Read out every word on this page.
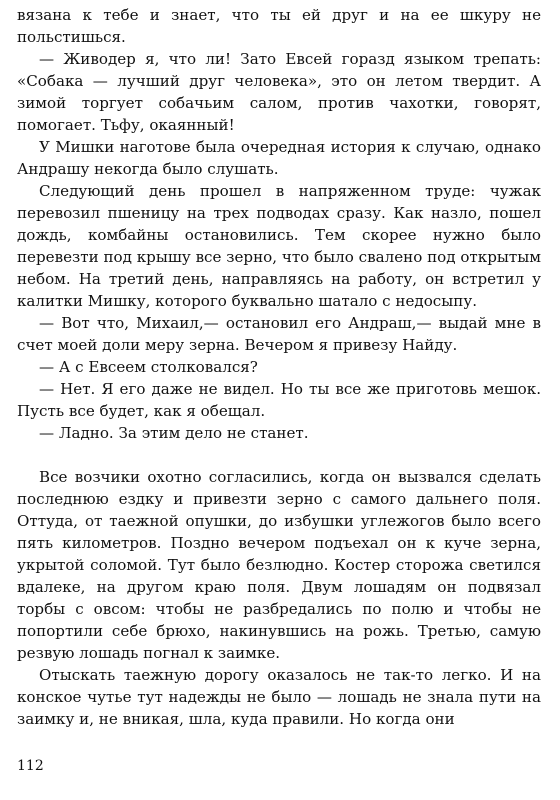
вязана к тебе и знает, что ты ей друг и на ее шкуру не польстишься.

— Живодер я, что ли! Зато Евсей горазд языком трепать: «Собака — лучший друг человека», это он летом твердит. А зимой торгует собачьим салом, против чахотки, говорят, помогает. Тьфу, окаянный!

У Мишки наготове была очередная история к случаю, однако Андрашу некогда было слушать.

Следующий день прошел в напряженном труде: чужак перевозил пшеницу на трех подводах сразу. Как назло, пошел дождь, комбайны остановились. Тем скорее нужно было перевезти под крышу все зерно, что было свалено под открытым небом. На третий день, направляясь на работу, он встретил у калитки Мишку, которого буквально шатало с недосыпу.

— Вот что, Михаил,— остановил его Андраш,— выдай мне в счет моей доли меру зерна. Вечером я привезу Найду.

— А с Евсеем столковался?

— Нет. Я его даже не видел. Но ты все же приготовь мешок. Пусть все будет, как я обещал.

— Ладно. За этим дело не станет.

Все возчики охотно согласились, когда он вызвался сделать последнюю ездку и привезти зерно с самого дальнего поля. Оттуда, от таежной опушки, до избушки углежогов было всего пять километров. Поздно вечером подъехал он к куче зерна, укрытой соломой. Тут было безлюдно. Костер сторожа светился вдалеке, на другом краю поля. Двум лошадям он подвязал торбы с овсом: чтобы не разбредались по полю и чтобы не попортили себе брюхо, накинувшись на рожь. Третью, самую резвую лошадь погнал к заимке.

Отыскать таежную дорогу оказалось не так-то легко. И на конское чутье тут надежды не было — лошадь не знала пути на заимку и, не вникая, шла, куда правили. Но когда они

112
